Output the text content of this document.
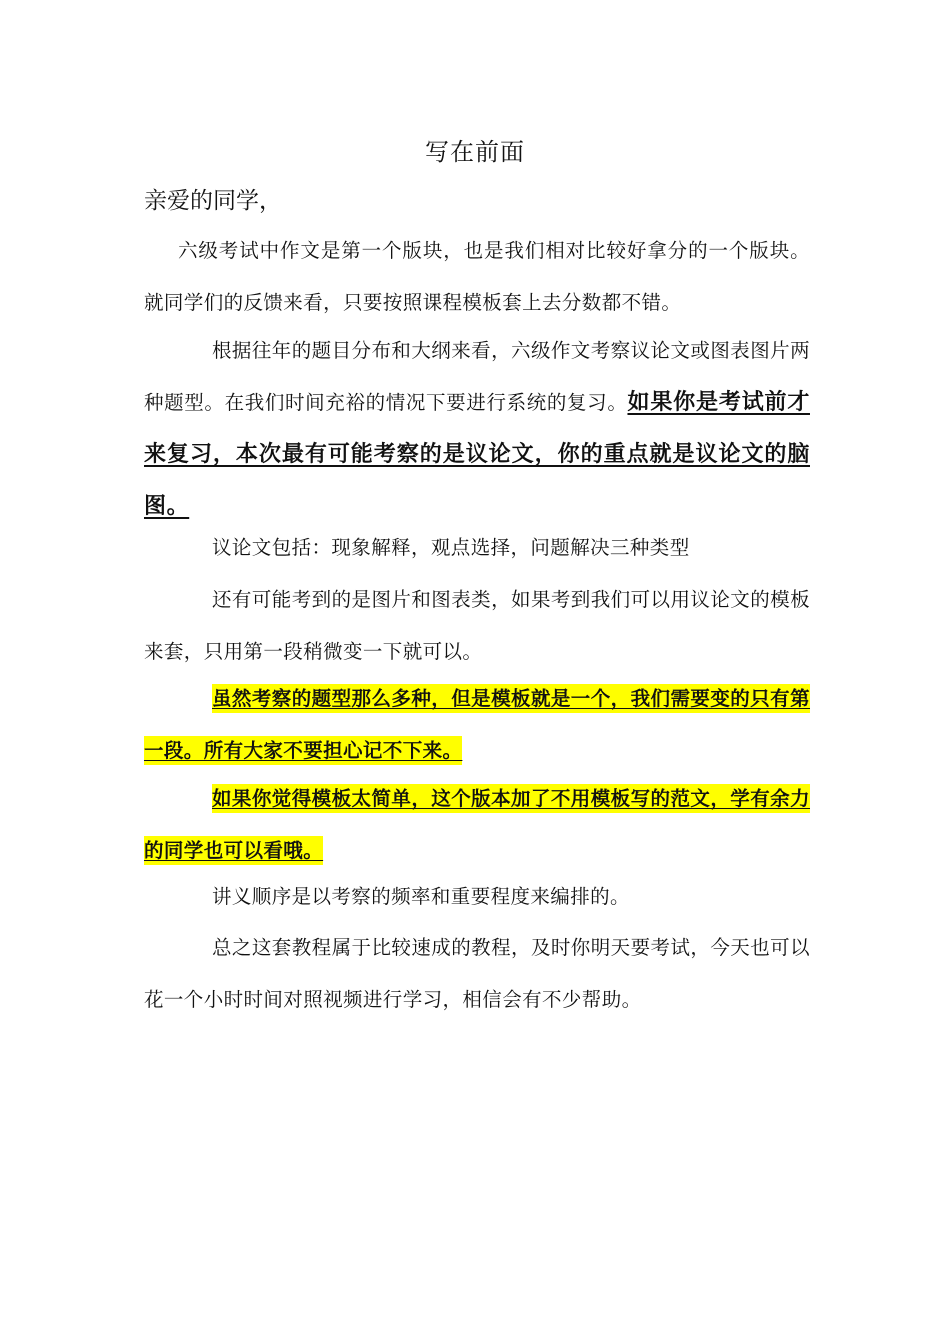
写在前面
亲爱的同学，

六级考试中作文是第一个版块，也是我们相对比较好拿分的一个版块。就同学们的反馈来看，只要按照课程模板套上去分数都不错。

根据往年的题目分布和大纲来看，六级作文考察议论文或图表图片两种题型。在我们时间充裕的情况下要进行系统的复习。如果你是考试前才来复习，本次最有可能考察的是议论文，你的重点就是议论文的脑图。

议论文包括：现象解释，观点选择，问题解决三种类型

还有可能考到的是图片和图表类，如果考到我们可以用议论文的模板来套，只用第一段稍微变一下就可以。

虽然考察的题型那么多种，但是模板就是一个，我们需要变的只有第一段。所有大家不要担心记不下来。

如果你觉得模板太简单，这个版本加了不用模板写的范文，学有余力的同学也可以看哦。

讲义顺序是以考察的频率和重要程度来编排的。

总之这套教程属于比较速成的教程，及时你明天要考试，今天也可以花一个小时时间对照视频进行学习，相信会有不少帮助。
